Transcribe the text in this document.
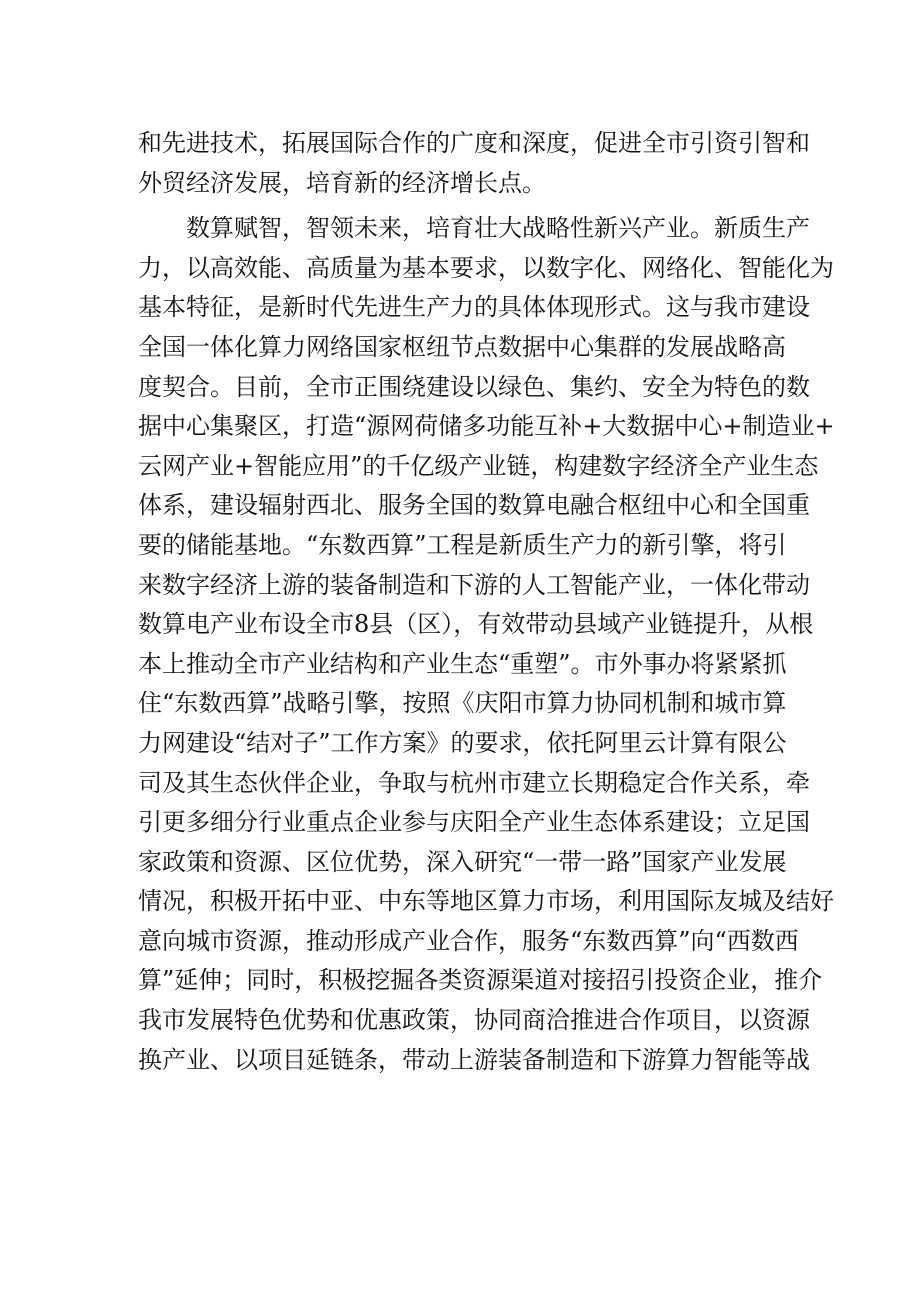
和先进技术，拓展国际合作的广度和深度，促进全市引资引智和
外贸经济发展，培育新的经济增长点。
数算赋智，智领未来，培育壮大战略性新兴产业。新质生产
力，以高效能、高质量为基本要求，以数字化、网络化、智能化为
基本特征，是新时代先进生产力的具体体现形式。这与我市建设
全国一体化算力网络国家枢纽节点数据中心集群的发展战略高
度契合。目前，全市正围绕建设以绿色、集约、安全为特色的数
据中心集聚区，打造“源网荷储多功能互补+大数据中心+制造业+
云网产业+智能应用”的千亿级产业链，构建数字经济全产业生态
体系，建设辐射西北、服务全国的数算电融合枢纽中心和全国重
要的储能基地。“东数西算”工程是新质生产力的新引擎，将引
来数字经济上游的装备制造和下游的人工智能产业，一体化带动
数算电产业布设全市8县（区），有效带动县域产业链提升，从根
本上推动全市产业结构和产业生态“重塑”。市外事办将紧紧抓
住“东数西算”战略引擎，按照《庆阳市算力协同机制和城市算
力网建设“结对子”工作方案》的要求，依托阿里云计算有限公
司及其生态伙伴企业，争取与杭州市建立长期稳定合作关系，牵
引更多细分行业重点企业参与庆阳全产业生态体系建设；立足国
家政策和资源、区位优势，深入研究“一带一路”国家产业发展
情况，积极开拓中亚、中东等地区算力市场，利用国际友城及结好
意向城市资源，推动形成产业合作，服务“东数西算”向“西数西
算”延伸；同时，积极挖掘各类资源渠道对接招引投资企业，推介
我市发展特色优势和优惠政策，协同商洽推进合作项目，以资源
换产业、以项目延链条，带动上游装备制造和下游算力智能等战
